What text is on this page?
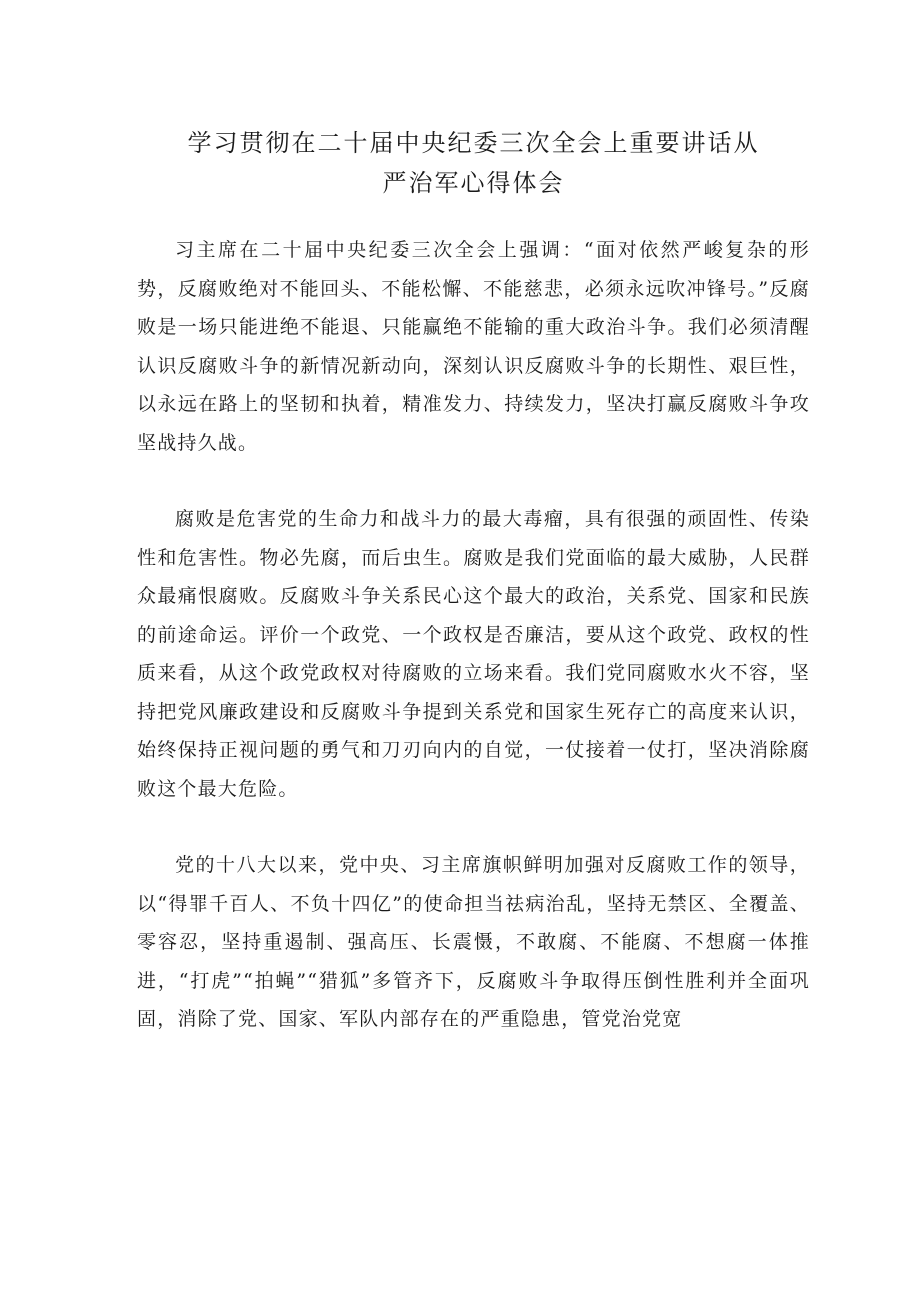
学习贯彻在二十届中央纪委三次全会上重要讲话从
严治军心得体会

习主席在二十届中央纪委三次全会上强调：“面对依然严峻复杂的形势，反腐败绝对不能回头、不能松懈、不能慈悲，必须永远吹冲锋号。”反腐败是一场只能进绝不能退、只能赢绝不能输的重大政治斗争。我们必须清醒认识反腐败斗争的新情况新动向，深刻认识反腐败斗争的长期性、艰巨性，以永远在路上的坚韧和执着，精准发力、持续发力，坚决打赢反腐败斗争攻坚战持久战。

腐败是危害党的生命力和战斗力的最大毒瘤，具有很强的顽固性、传染性和危害性。物必先腐，而后虫生。腐败是我们党面临的最大威胁，人民群众最痛恨腐败。反腐败斗争关系民心这个最大的政治，关系党、国家和民族的前途命运。评价一个政党、一个政权是否廉洁，要从这个政党、政权的性质来看，从这个政党政权对待腐败的立场来看。我们党同腐败水火不容，坚持把党风廉政建设和反腐败斗争提到关系党和国家生死存亡的高度来认识，始终保持正视问题的勇气和刀刃向内的自觉，一仗接着一仗打，坚决消除腐败这个最大危险。

党的十八大以来，党中央、习主席旗帜鲜明加强对反腐败工作的领导，以“得罪千百人、不负十四亿”的使命担当祛病治乱，坚持无禁区、全覆盖、零容忍，坚持重遏制、强高压、长震慑，不敢腐、不能腐、不想腐一体推进，“打虎”“拍蝇”“猎狐”多管齐下，反腐败斗争取得压倒性胜利并全面巩固，消除了党、国家、军队内部存在的严重隐患，管党治党宽
